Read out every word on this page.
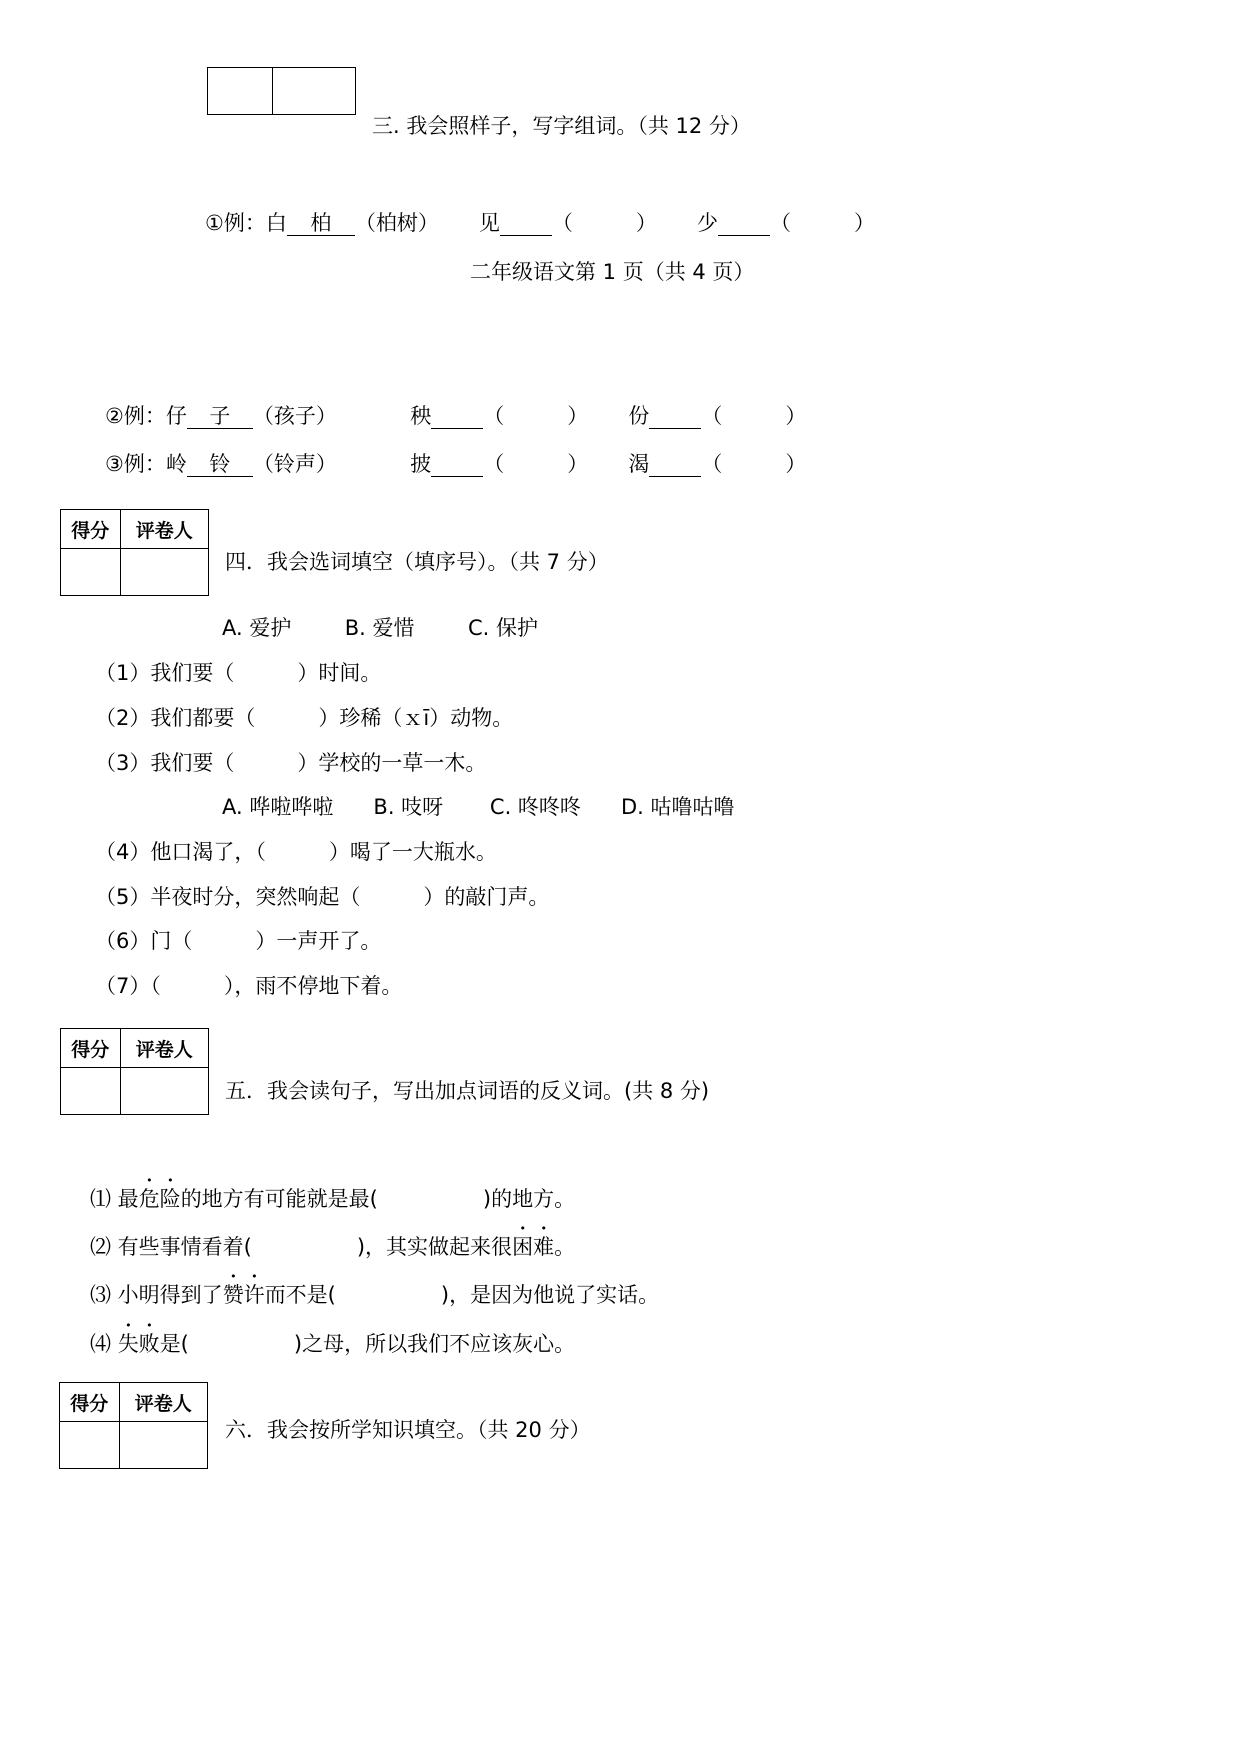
三. 我会照样子，写字组词。（共 12 分）
①例：白 柏 （柏树） 见 （　　　） 少 （　　　）
二年级语文第 1 页（共 4 页）
②例：仔 子 （孩子）	秧 （　　　） 份 （　　　）
③例：岭 铃 （铃声）	披 （　　　） 渴 （　　　）
得分	评卷人

四．我会选词填空（填序号）。（共 7 分）
A. 爱护	B. 爱惜	C. 保护
（1）我们要（　　　）时间。
（2）我们都要（　　　）珍稀（ｘī）动物。
（3）我们要（　　　）学校的一草一木。
A. 哗啦哗啦 B. 吱呀 C. 咚咚咚 D. 咕噜咕噜
（4）他口渴了，（　　　）喝了一大瓶水。
（5）半夜时分，突然响起（　　　）的敲门声。
（6）门（　　　）一声开了。
（7）（　　　），雨不停地下着。
得分	评卷人

五．我会读句子，写出加点词语的反义词。(共 8 分)
⑴ 最危险的地方有可能就是最(　　　　　)的地方。
⑵ 有些事情看着(　　　　　)，其实做起来很困难。
⑶ 小明得到了赞许而不是(　　　　　)，是因为他说了实话。
⑷ 失败是(　　　　　)之母，所以我们不应该灰心。
得分	评卷人

六．我会按所学知识填空。（共 20 分）
